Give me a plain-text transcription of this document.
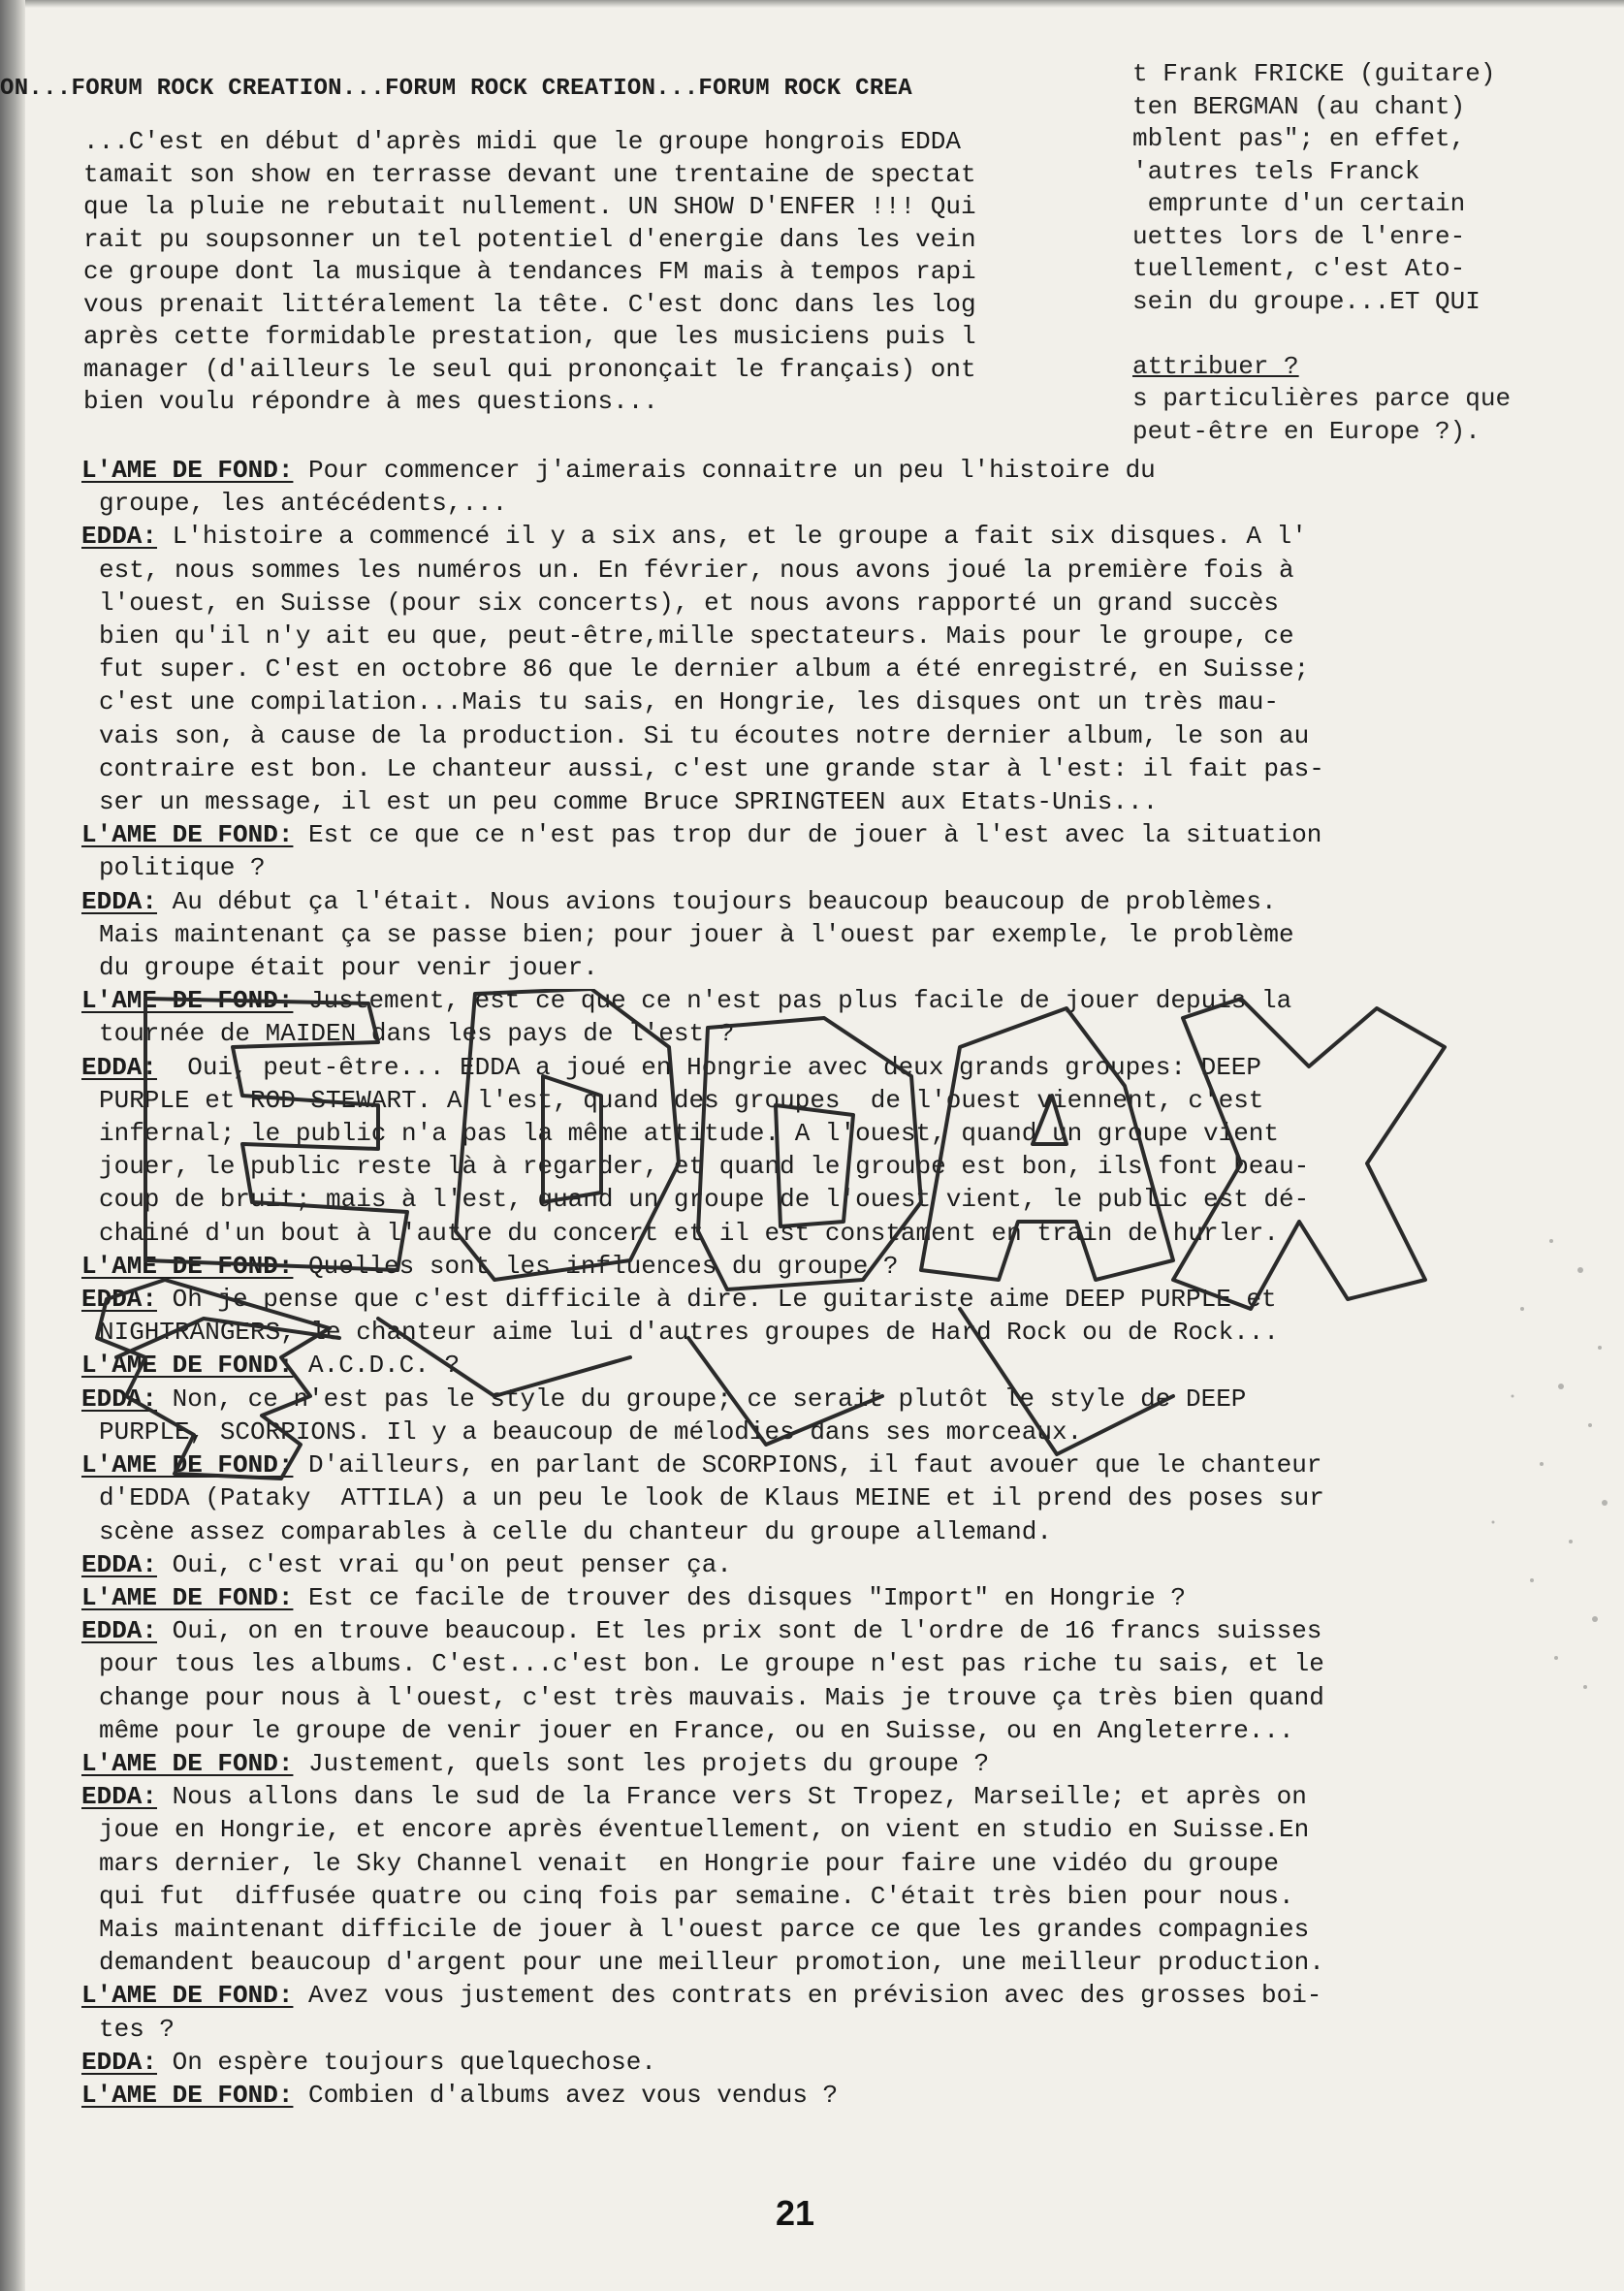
t Frank FRICKE (guitare)
ten BERGMAN (au chant)
mblent pas"; en effet,
'autres tels Franck
emprunte d'un certain
uettes lors de l'enre-
tuellement, c'est Ato-
sein du groupe...ET QUI
attribuer ?
s particulières parce que
peut-être en Europe ?).
ON...FORUM ROCK CREATION...FORUM ROCK CREATION...FORUM ROCK CREA
...C'est en début d'après midi que le groupe hongrois EDDA
tamait son show en terrasse devant une trentaine de spectat
que la pluie ne rebutait nullement. UN SHOW D'ENFER !!! Qui
rait pu soupsonner un tel potentiel d'energie dans les vein
ce groupe dont la musique à tendances FM mais à tempos rapi
vous prenait littéralement la tête. C'est donc dans les log
après cette formidable prestation, que les musiciens puis l
manager (d'ailleurs le seul qui prononçait le français) ont
bien voulu répondre à mes questions...
L'AME DE FOND: Pour commencer j'aimerais connaitre un peu l'histoire du
groupe, les antécédents,...
EDDA: L'histoire a commencé il y a six ans, et le groupe a fait six disques. A l'
est, nous sommes les numéros un. En février, nous avons joué la première fois à
l'ouest, en Suisse (pour six concerts), et nous avons rapporté un grand succès
bien qu'il n'y ait eu que, peut-être,mille spectateurs. Mais pour le groupe, ce
fut super. C'est en octobre 86 que le dernier album a été enregistré, en Suisse;
c'est une compilation...Mais tu sais, en Hongrie, les disques ont un très mau-
vais son, à cause de la production. Si tu écoutes notre dernier album, le son au
contraire est bon. Le chanteur aussi, c'est une grande star à l'est: il fait pas-
ser un message, il est un peu comme Bruce SPRINGTEEN aux Etats-Unis...
L'AME DE FOND: Est ce que ce n'est pas trop dur de jouer à l'est avec la situation
politique ?
EDDA: Au début ça l'était. Nous avions toujours beaucoup beaucoup de problèmes.
Mais maintenant ça se passe bien; pour jouer à l'ouest par exemple, le problème
du groupe était pour venir jouer.
L'AME DE FOND: Justement, est ce que ce n'est pas plus facile de jouer depuis la
tournée de MAIDEN dans les pays de l'est ?
EDDA:  Oui, peut-être... EDDA a joué en Hongrie avec deux grands groupes: DEEP
PURPLE et ROD STEWART. A l'est, quand des groupes  de l'ouest viennent, c'est
infernal; le public n'a pas la même attitude. A l'ouest, quand un groupe vient
jouer, le public reste là à regarder, et quand le groupe est bon, ils font beau-
coup de bruit; mais à l'est, quand un groupe de l'ouest vient, le public est dé-
chainé d'un bout à l'autre du concert et il est constament en train de hurler.
L'AME DE FOND: Quelles sont les influences du groupe ?
EDDA: Oh je pense que c'est difficile à dire. Le guitariste aime DEEP PURPLE et
NIGHTRANGERS, le chanteur aime lui d'autres groupes de Hard Rock ou de Rock...
L'AME DE FOND: A.C.D.C. ?
EDDA: Non, ce n'est pas le style du groupe; ce serait plutôt le style de DEEP
PURPLE, SCORPIONS. Il y a beaucoup de mélodies dans ses morceaux.
L'AME DE FOND: D'ailleurs, en parlant de SCORPIONS, il faut avouer que le chanteur
d'EDDA (Pataky  ATTILA) a un peu le look de Klaus MEINE et il prend des poses sur
scène assez comparables à celle du chanteur du groupe allemand.
EDDA: Oui, c'est vrai qu'on peut penser ça.
L'AME DE FOND: Est ce facile de trouver des disques "Import" en Hongrie ?
EDDA: Oui, on en trouve beaucoup. Et les prix sont de l'ordre de 16 francs suisses
pour tous les albums. C'est...c'est bon. Le groupe n'est pas riche tu sais, et le
change pour nous à l'ouest, c'est très mauvais. Mais je trouve ça très bien quand
même pour le groupe de venir jouer en France, ou en Suisse, ou en Angleterre...
L'AME DE FOND: Justement, quels sont les projets du groupe ?
EDDA: Nous allons dans le sud de la France vers St Tropez, Marseille; et après on
joue en Hongrie, et encore après éventuellement, on vient en studio en Suisse.En
mars dernier, le Sky Channel venait  en Hongrie pour faire une vidéo du groupe
qui fut  diffusée quatre ou cinq fois par semaine. C'était très bien pour nous.
Mais maintenant difficile de jouer à l'ouest parce ce que les grandes compagnies
demandent beaucoup d'argent pour une meilleur promotion, une meilleur production.
L'AME DE FOND: Avez vous justement des contrats en prévision avec des grosses boi-
tes ?
EDDA: On espère toujours quelquechose.
L'AME DE FOND: Combien d'albums avez vous vendus ?
21
